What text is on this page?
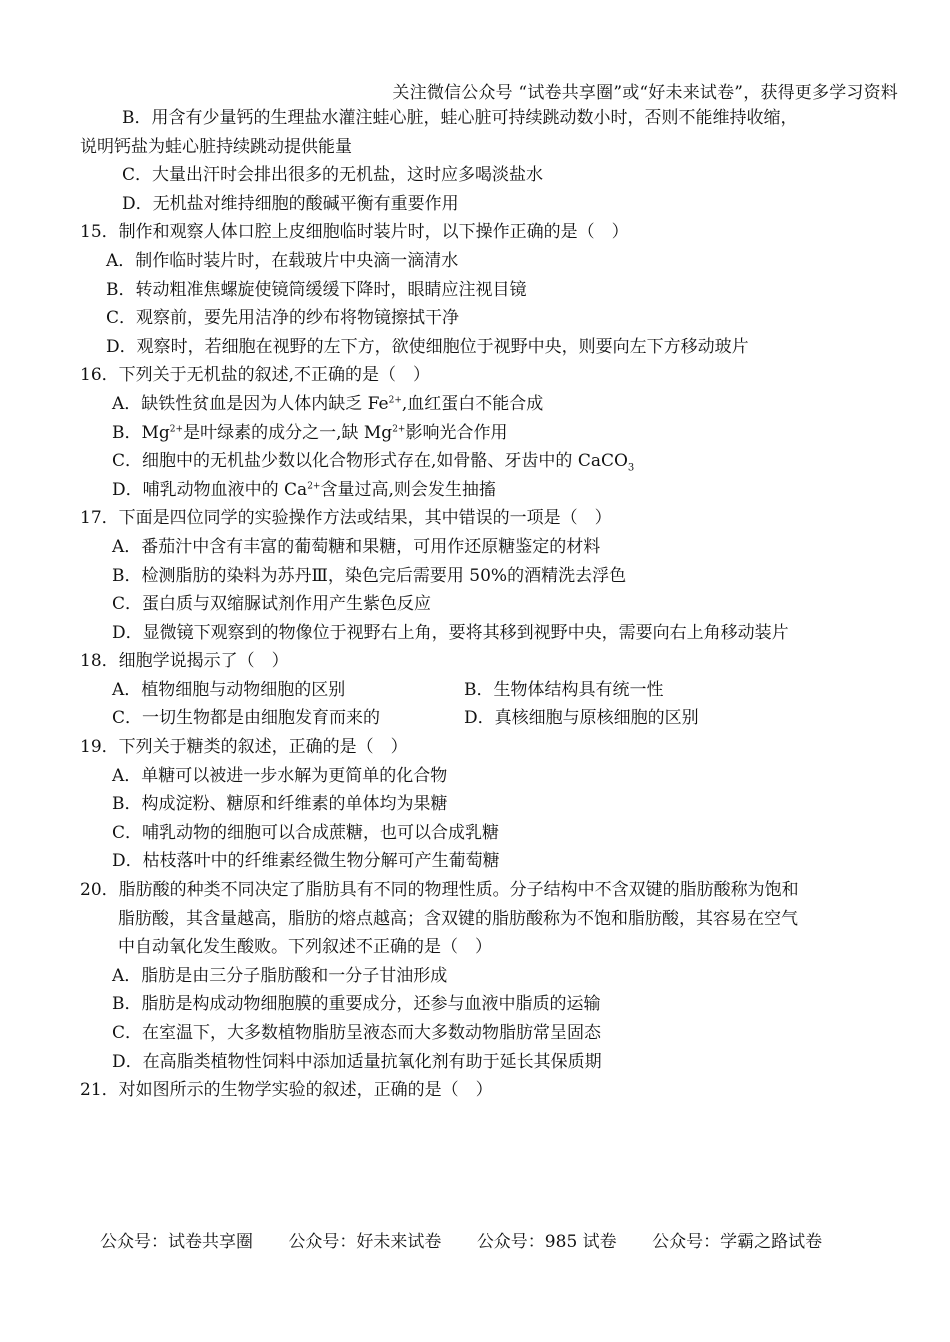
关注微信公众号 “试卷共享圈”或“好未来试卷”，获得更多学习资料
B．用含有少量钙的生理盐水灌注蛙心脏，蛙心脏可持续跳动数小时，否则不能维持收缩，
说明钙盐为蛙心脏持续跳动提供能量
C．大量出汗时会排出很多的无机盐，这时应多喝淡盐水
D．无机盐对维持细胞的酸碱平衡有重要作用
15．制作和观察人体口腔上皮细胞临时装片时，以下操作正确的是（　）
A．制作临时装片时，在载玻片中央滴一滴清水
B．转动粗准焦螺旋使镜筒缓缓下降时，眼睛应注视目镜
C．观察前，要先用洁净的纱布将物镜擦拭干净
D．观察时，若细胞在视野的左下方，欲使细胞位于视野中央，则要向左下方移动玻片
16．下列关于无机盐的叙述,不正确的是（　）
A．缺铁性贫血是因为人体内缺乏 $Fe^{2+}$,血红蛋白不能合成
B．$Mg^{2+}$是叶绿素的成分之一,缺 $Mg^{2+}$影响光合作用
C．细胞中的无机盐少数以化合物形式存在,如骨骼、牙齿中的 CaCO$_3$
D．哺乳动物血液中的 $Ca^{2+}$含量过高,则会发生抽搐
17．下面是四位同学的实验操作方法或结果，其中错误的一项是（　）
A．番茄汁中含有丰富的葡萄糖和果糖，可用作还原糖鉴定的材料
B．检测脂肪的染料为苏丹Ⅲ，染色完后需要用 50%的酒精洗去浮色
C．蛋白质与双缩脲试剂作用产生紫色反应
D．显微镜下观察到的物像位于视野右上角，要将其移到视野中央，需要向右上角移动装片
18．细胞学说揭示了（　）
A．植物细胞与动物细胞的区别	B．生物体结构具有统一性
C．一切生物都是由细胞发育而来的	D．真核细胞与原核细胞的区别
19．下列关于糖类的叙述，正确的是（　）
A．单糖可以被进一步水解为更简单的化合物
B．构成淀粉、糖原和纤维素的单体均为果糖
C．哺乳动物的细胞可以合成蔗糖，也可以合成乳糖
D．枯枝落叶中的纤维素经微生物分解可产生葡萄糖
20．脂肪酸的种类不同决定了脂肪具有不同的物理性质。分子结构中不含双键的脂肪酸称为饱和
脂肪酸，其含量越高，脂肪的熔点越高；含双键的脂肪酸称为不饱和脂肪酸，其容易在空气
中自动氧化发生酸败。下列叙述不正确的是（　）
A．脂肪是由三分子脂肪酸和一分子甘油形成
B．脂肪是构成动物细胞膜的重要成分，还参与血液中脂质的运输
C．在室温下，大多数植物脂肪呈液态而大多数动物脂肪常呈固态
D．在高脂类植物性饲料中添加适量抗氧化剂有助于延长其保质期
21．对如图所示的生物学实验的叙述，正确的是（　）
公众号：试卷共享圈 公众号：好未来试卷 公众号：985 试卷 公众号：学霸之路试卷
